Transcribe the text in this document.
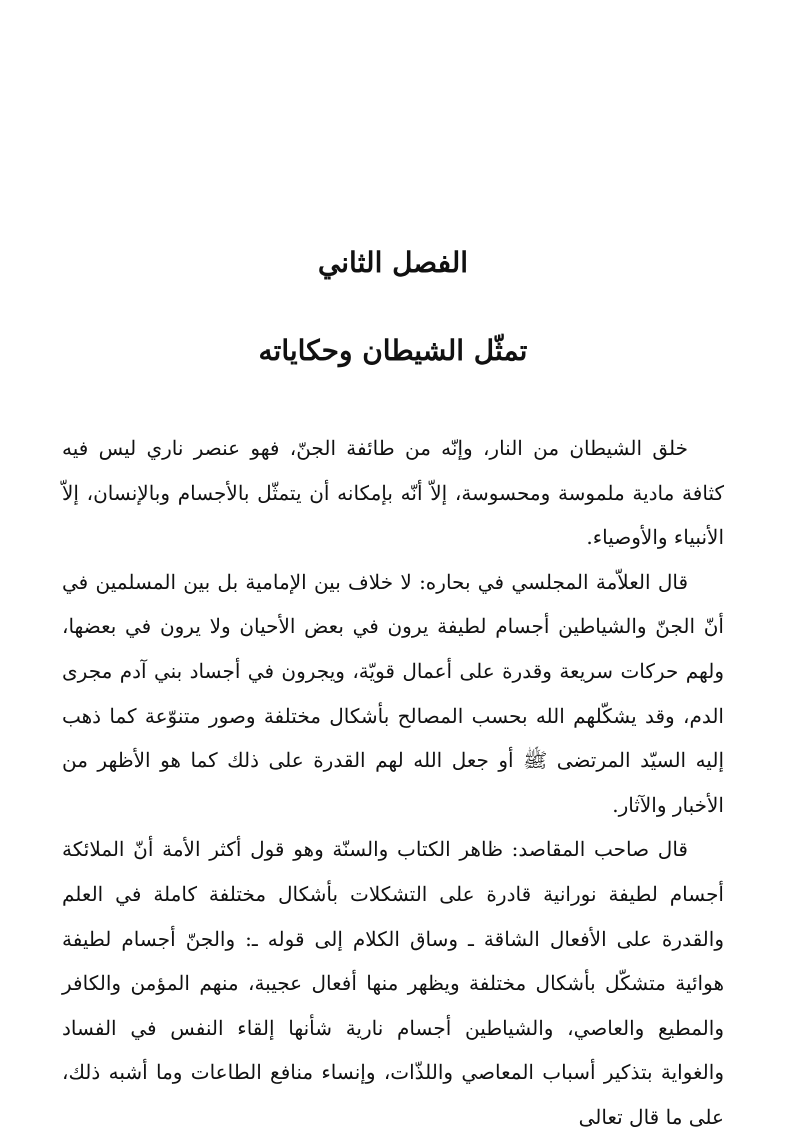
الفصل الثاني
تمثّل الشيطان وحكاياته

خلق الشيطان من النار، وإنّه من طائفة الجنّ، فهو عنصر ناري ليس فيه كثافة مادية ملموسة ومحسوسة، إلاّ أنّه بإمكانه أن يتمثّل بالأجسام وبالإنسان، إلاّ الأنبياء والأوصياء.

قال العلاّمة المجلسي في بحاره: لا خلاف بين الإمامية بل بين المسلمين في أنّ الجنّ والشياطين أجسام لطيفة يرون في بعض الأحيان ولا يرون في بعضها، ولهم حركات سريعة وقدرة على أعمال قويّة، ويجرون في أجساد بني آدم مجرى الدم، وقد يشكّلهم الله بحسب المصالح بأشكال مختلفة وصور متنوّعة كما ذهب إليه السيّد المرتضى ﷺ أو جعل الله لهم القدرة على ذلك كما هو الأظهر من الأخبار والآثار.

قال صاحب المقاصد: ظاهر الكتاب والسنّة وهو قول أكثر الأمة أنّ الملائكة أجسام لطيفة نورانية قادرة على التشكلات بأشكال مختلفة كاملة في العلم والقدرة على الأفعال الشاقة ـ وساق الكلام إلى قوله ـ: والجنّ أجسام لطيفة هوائية متشكّل بأشكال مختلفة ويظهر منها أفعال عجيبة، منهم المؤمن والكافر والمطيع والعاصي، والشياطين أجسام نارية شأنها إلقاء النفس في الفساد والغواية بتذكير أسباب المعاصي واللذّات، وإنساء منافع الطاعات وما أشبه ذلك، على ما قال تعالى
